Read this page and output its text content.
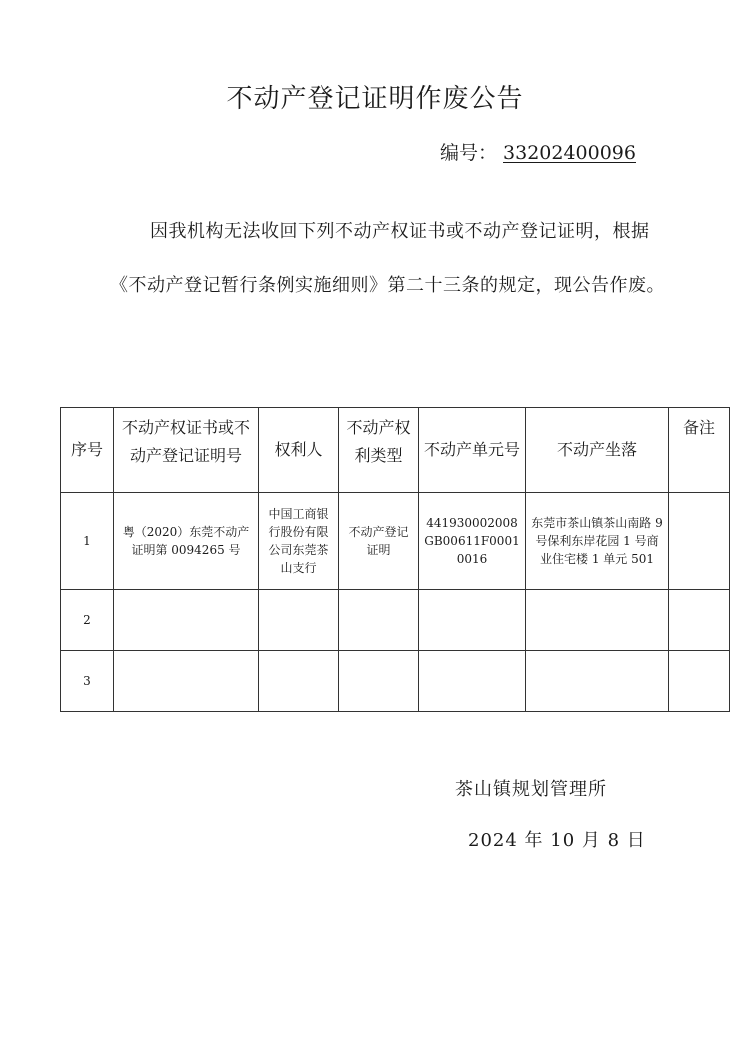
不动产登记证明作废公告
编号： 33202400096
因我机构无法收回下列不动产权证书或不动产登记证明，根据《不动产登记暂行条例实施细则》第二十三条的规定，现公告作废。
序号	不动产权证书或不动产登记证明号	权利人	不动产权利类型	不动产单元号	不动产坐落	备注
1	粤（2020）东莞不动产证明第 0094265 号	中国工商银行股份有限公司东莞茶山支行	不动产登记证明	441930002008GB00611F00010016	东莞市茶山镇茶山南路 9 号保利东岸花园 1 号商业住宅楼 1 单元 501	
2						
3						
茶山镇规划管理所
2024 年 10 月 8 日
